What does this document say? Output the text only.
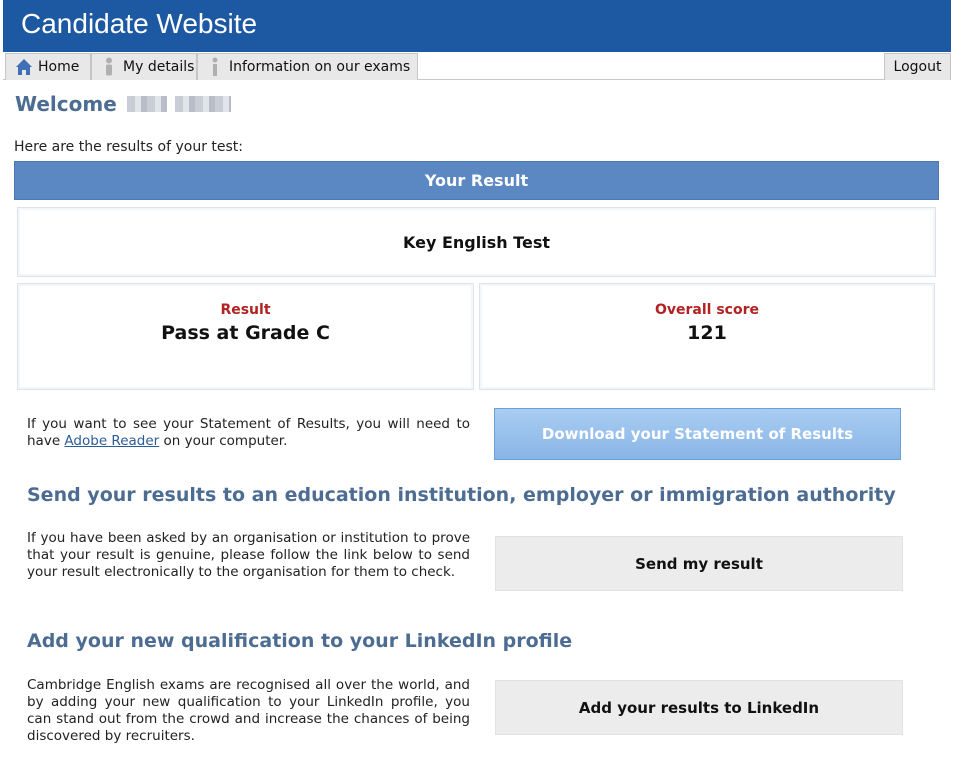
Candidate Website
Home	My details Information on our exams	Logout
Welcome
Here are the results of your test:
Your Result
Key English Test
Result
Pass at Grade C
Overall score
121
If you want to see your Statement of Results, you will need to have Adobe Reader on your computer.	Download your Statement of Results
Send your results to an education institution, employer or immigration authority
If you have been asked by an organisation or institution to prove that your result is genuine, please follow the link below to send your result electronically to the organisation for them to check.	Send my result
Add your new qualification to your LinkedIn profile
Cambridge English exams are recognised all over the world, and by adding your new qualification to your LinkedIn profile, you can stand out from the crowd and increase the chances of being discovered by recruiters.
Add your results to LinkedIn
